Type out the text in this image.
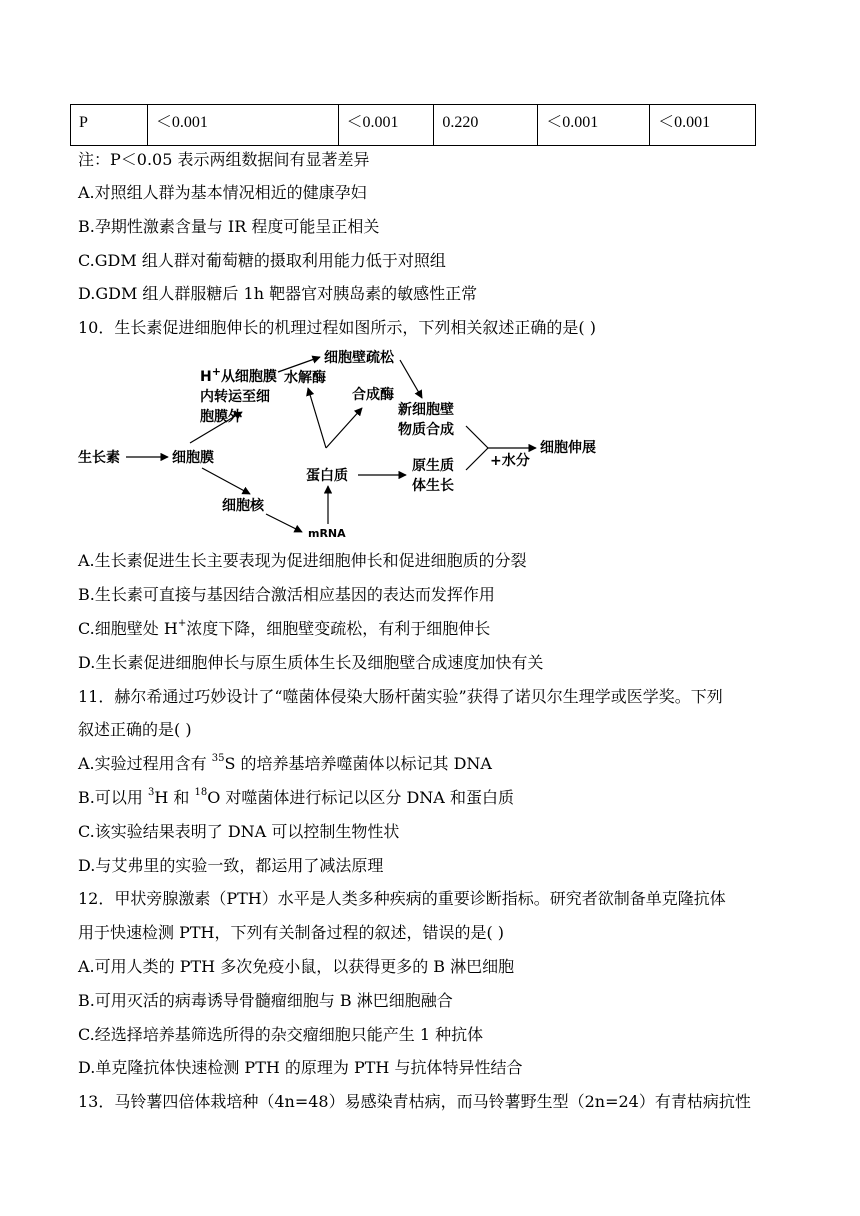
P	＜0.001	＜0.001	0.220	＜0.001	＜0.001
注：P＜0.05 表示两组数据间有显著差异
A.对照组人群为基本情况相近的健康孕妇
B.孕期性激素含量与 IR 程度可能呈正相关
C.GDM 组人群对葡萄糖的摄取利用能力低于对照组
D.GDM 组人群服糖后 1h 靶器官对胰岛素的敏感性正常
10．生长素促进细胞伸长的机理过程如图所示，下列相关叙述正确的是( )
生长素	细胞膜
H+从细胞膜
内转运至细
胞膜外
细胞壁疏松
水解酶
合成酶
新细胞壁
物质合成
蛋白质
原生质
体生长
+水分
细胞伸展
细胞核
mRNA
A.生长素促进生长主要表现为促进细胞伸长和促进细胞质的分裂
B.生长素可直接与基因结合激活相应基因的表达而发挥作用
C.细胞壁处 H+浓度下降，细胞壁变疏松，有利于细胞伸长
D.生长素促进细胞伸长与原生质体生长及细胞壁合成速度加快有关
11．赫尔希通过巧妙设计了“噬菌体侵染大肠杆菌实验”获得了诺贝尔生理学或医学奖。下列
叙述正确的是( )
A.实验过程用含有 $^{35}$S 的培养基培养噬菌体以标记其 DNA
B.可以用 $^3$H 和 $^{18}$O 对噬菌体进行标记以区分 DNA 和蛋白质
C.该实验结果表明了 DNA 可以控制生物性状
D.与艾弗里的实验一致，都运用了减法原理
12．甲状旁腺激素（PTH）水平是人类多种疾病的重要诊断指标。研究者欲制备单克隆抗体
用于快速检测 PTH，下列有关制备过程的叙述，错误的是( )
A.可用人类的 PTH 多次免疫小鼠，以获得更多的 B 淋巴细胞
B.可用灭活的病毒诱导骨髓瘤细胞与 B 淋巴细胞融合
C.经选择培养基筛选所得的杂交瘤细胞只能产生 1 种抗体
D.单克隆抗体快速检测 PTH 的原理为 PTH 与抗体特异性结合
13．马铃薯四倍体栽培种（4n=48）易感染青枯病，而马铃薯野生型（2n=24）有青枯病抗性
